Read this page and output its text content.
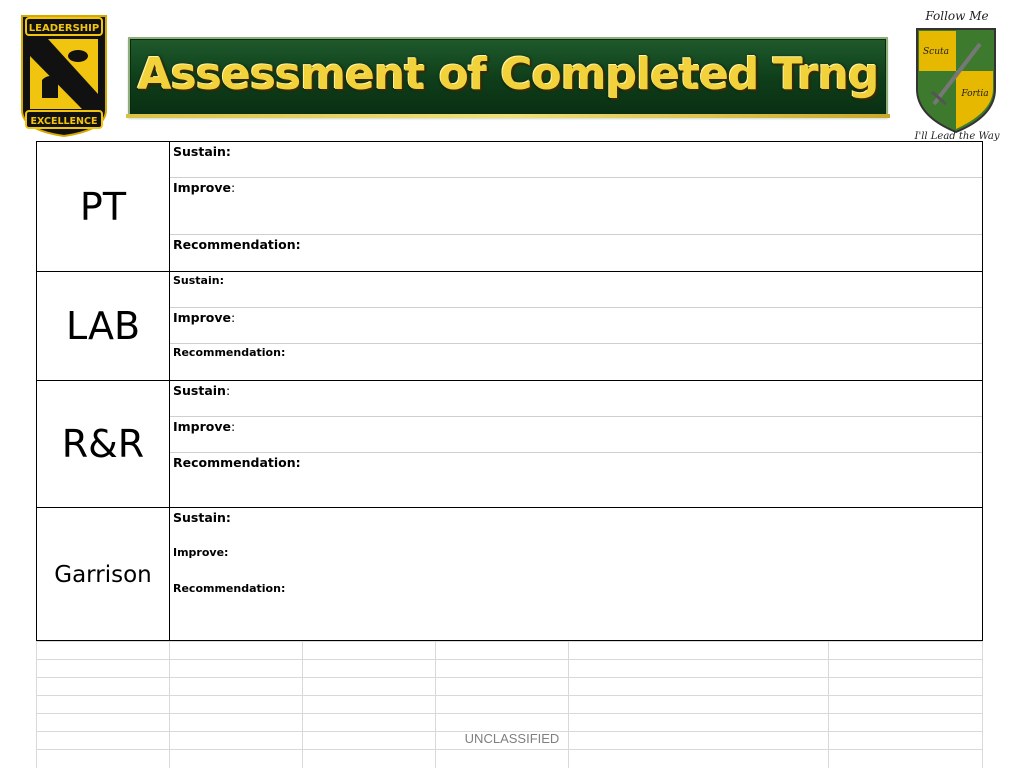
LEADERSHIP
EXCELLENCE
Assessment of Completed Trng
Follow Me
Scuta
Fortia
I'll Lead the Way
PT
Sustain:
Improve:
Recommendation:
LAB
Sustain:
Improve:
Recommendation:
R&R
Sustain:
Improve:
Recommendation:
Garrison
Sustain:
Improve:
Recommendation:
UNCLASSIFIED
